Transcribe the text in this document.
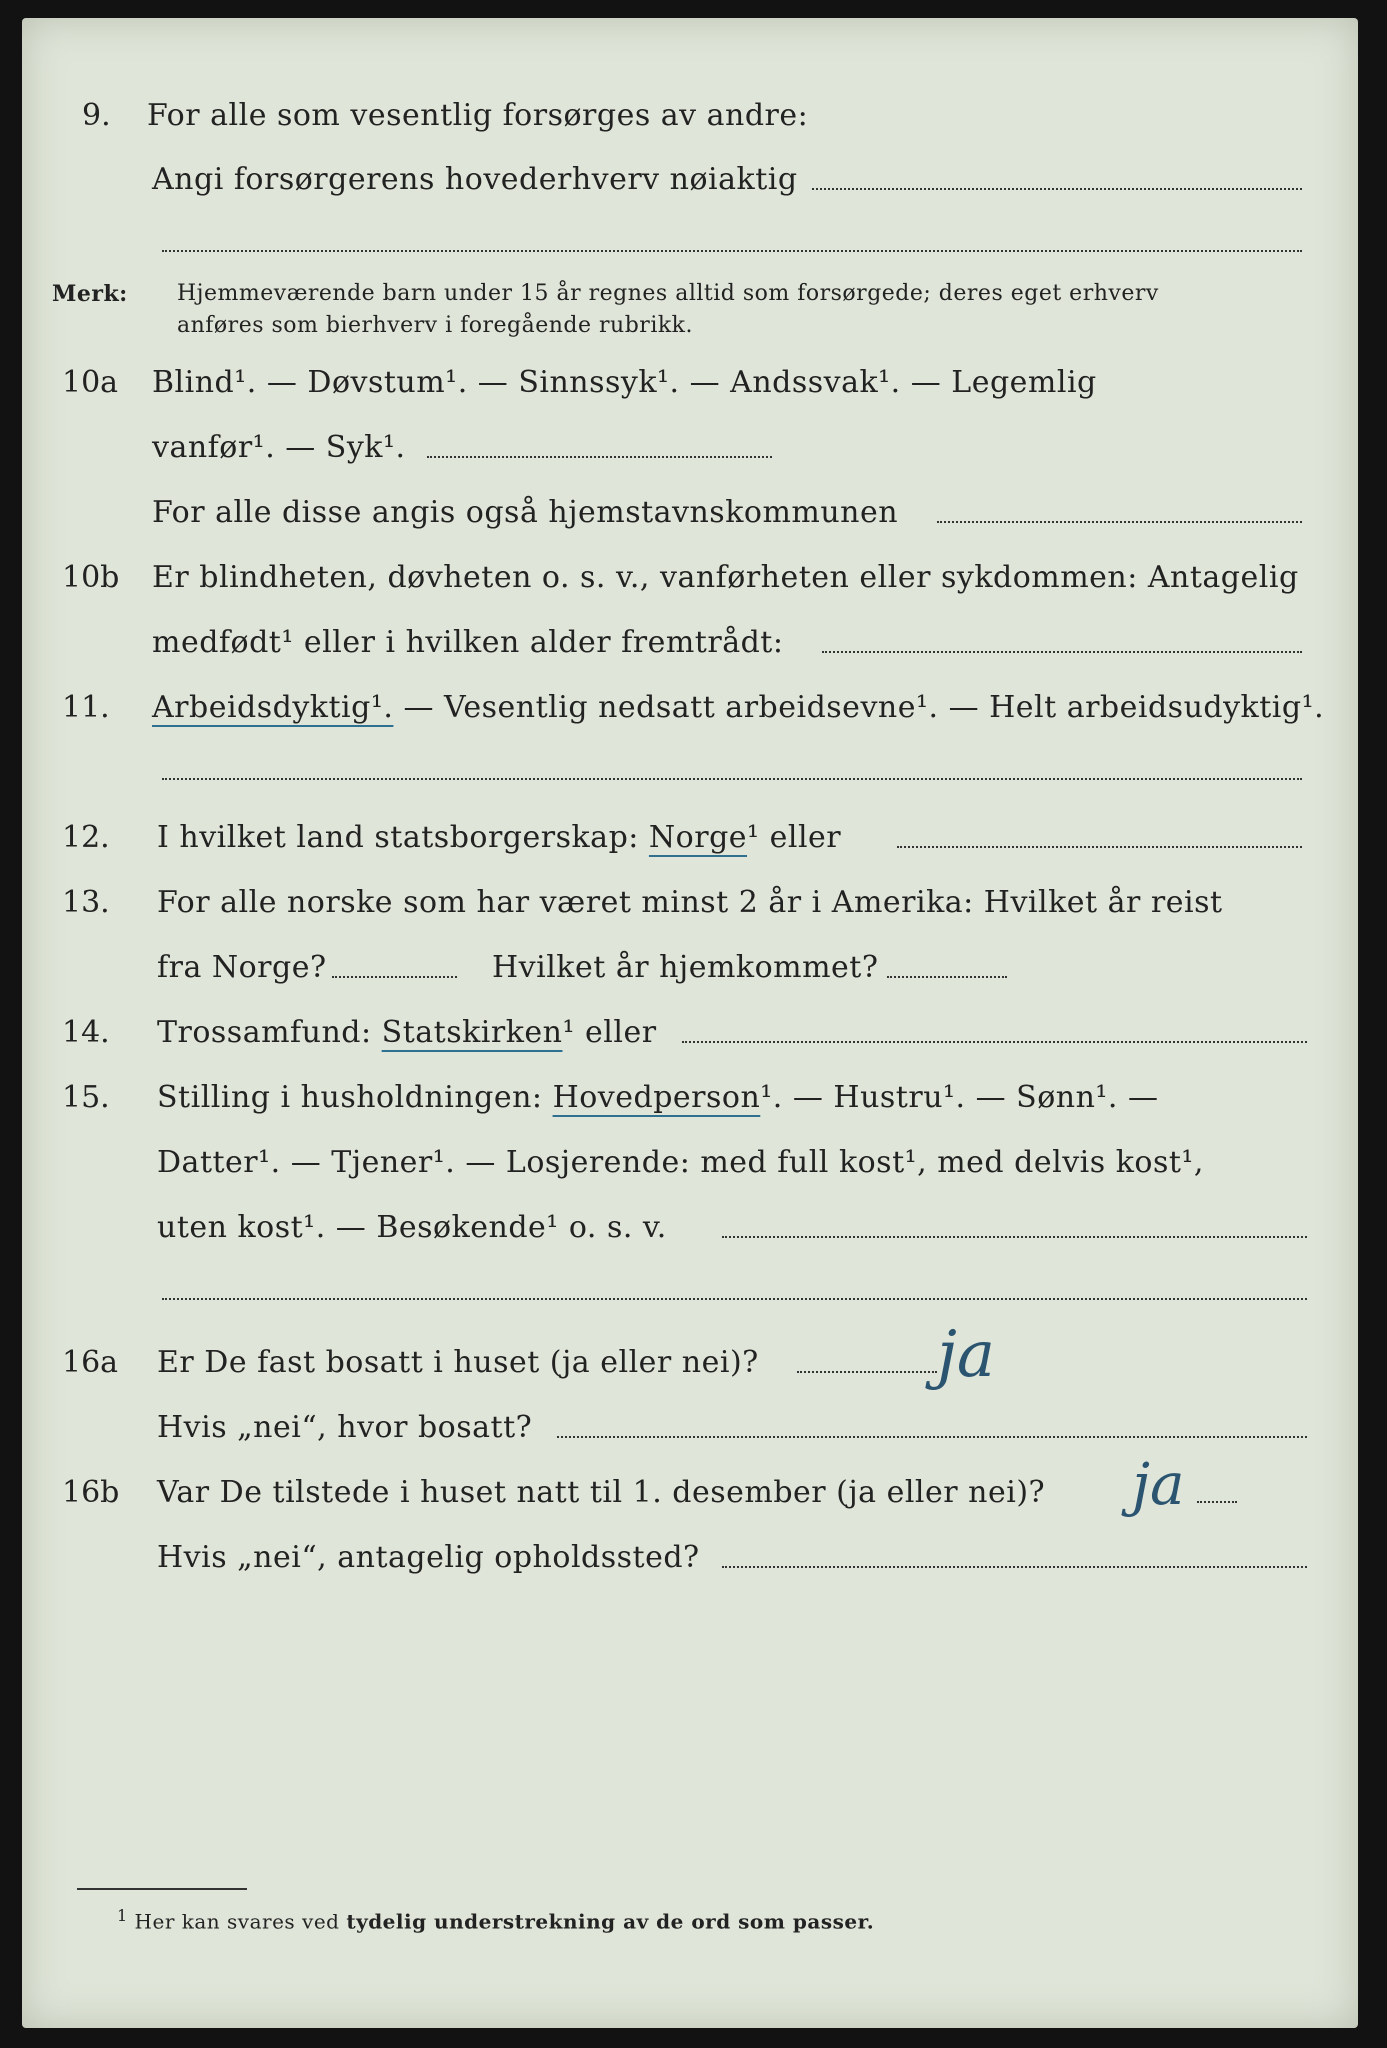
9. For alle som vesentlig forsørges av andre:
Angi forsørgerens hovederhverv nøiaktig
Merk: Hjemmeværende barn under 15 år regnes alltid som forsørgede; deres eget erhverv
anføres som bierhverv i foregående rubrikk.
10a Blind¹. — Døvstum¹. — Sinnssyk¹. — Andssvak¹. — Legemlig
vanfør¹. — Syk¹.
For alle disse angis også hjemstavnskommunen
10b Er blindheten, døvheten o. s. v., vanførheten eller sykdommen: Antagelig
medfødt¹ eller i hvilken alder fremtrådt:
11. Arbeidsdyktig¹. — Vesentlig nedsatt arbeidsevne¹. — Helt arbeidsudyktig¹.
12. I hvilket land statsborgerskap: Norge¹ eller
13. For alle norske som har været minst 2 år i Amerika: Hvilket år reist
fra Norge?	Hvilket år hjemkommet?
14. Trossamfund: Statskirken¹ eller
15. Stilling i husholdningen: Hovedperson¹. — Hustru¹. — Sønn¹. —
Datter¹. — Tjener¹. — Losjerende: med full kost¹, med delvis kost¹,
uten kost¹. — Besøkende¹ o. s. v.
16a Er De fast bosatt i huset (ja eller nei)?	ja
Hvis „nei“, hvor bosatt?
16b Var De tilstede i huset natt til 1. desember (ja eller nei)? ja
Hvis „nei“, antagelig opholdssted?
$^1$ Her kan svares ved tydelig understrekning av de ord som passer.
